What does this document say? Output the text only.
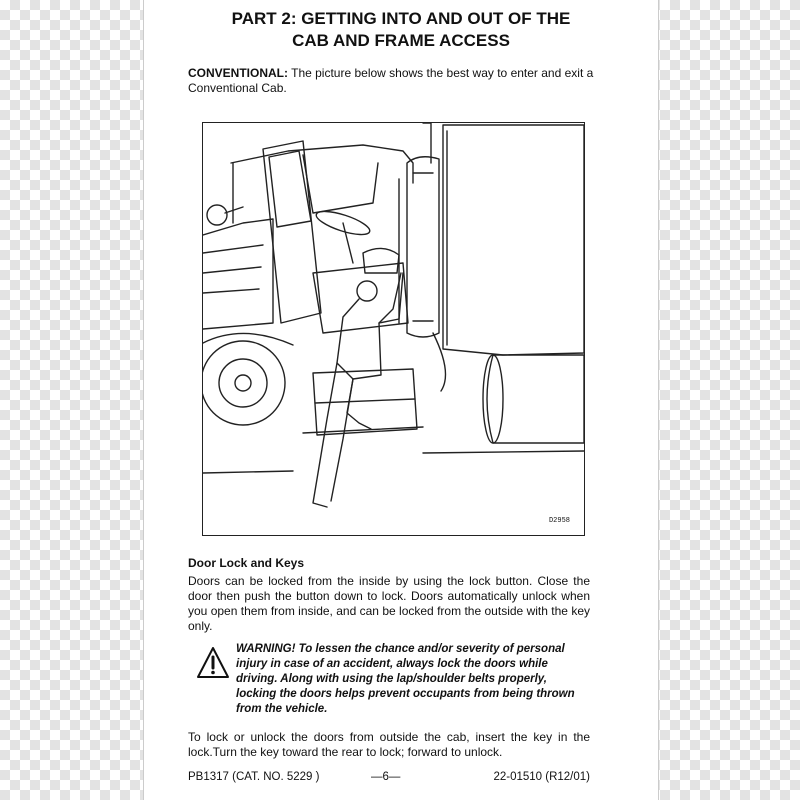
PART 2: GETTING INTO AND OUT OF THE
CAB AND FRAME ACCESS
CONVENTIONAL: The picture below shows the best way to enter and exit a Conventional Cab.
D2958
Door Lock and Keys

Doors can be locked from the inside by using the lock button. Close the door then push the button down to lock. Doors automatically unlock when you open them from inside, and can be locked from the outside with the key only.

WARNING! To lessen the chance and/or severity of personal injury in case of an accident, always lock the doors while driving. Along with using the lap/shoulder belts properly, locking the doors helps prevent occupants from being thrown from the vehicle.

To lock or unlock the doors from outside the cab, insert the key in the lock.Turn the key toward the rear to lock; forward to unlock.

PB1317 (CAT. NO. 5229 )	—6—	22-01510 (R12/01)
